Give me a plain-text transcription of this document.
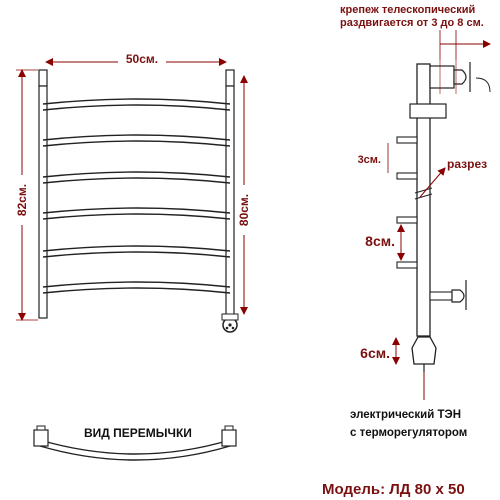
50см.
82см.	80см.
ВИД ПЕРЕМЫЧКИ
крепеж телескопический
раздвигается от 3 до 8 см.
3см.	разрез
8см.
6см.
электрический ТЭН
с терморегулятором
Модель: ЛД 80 х 50
